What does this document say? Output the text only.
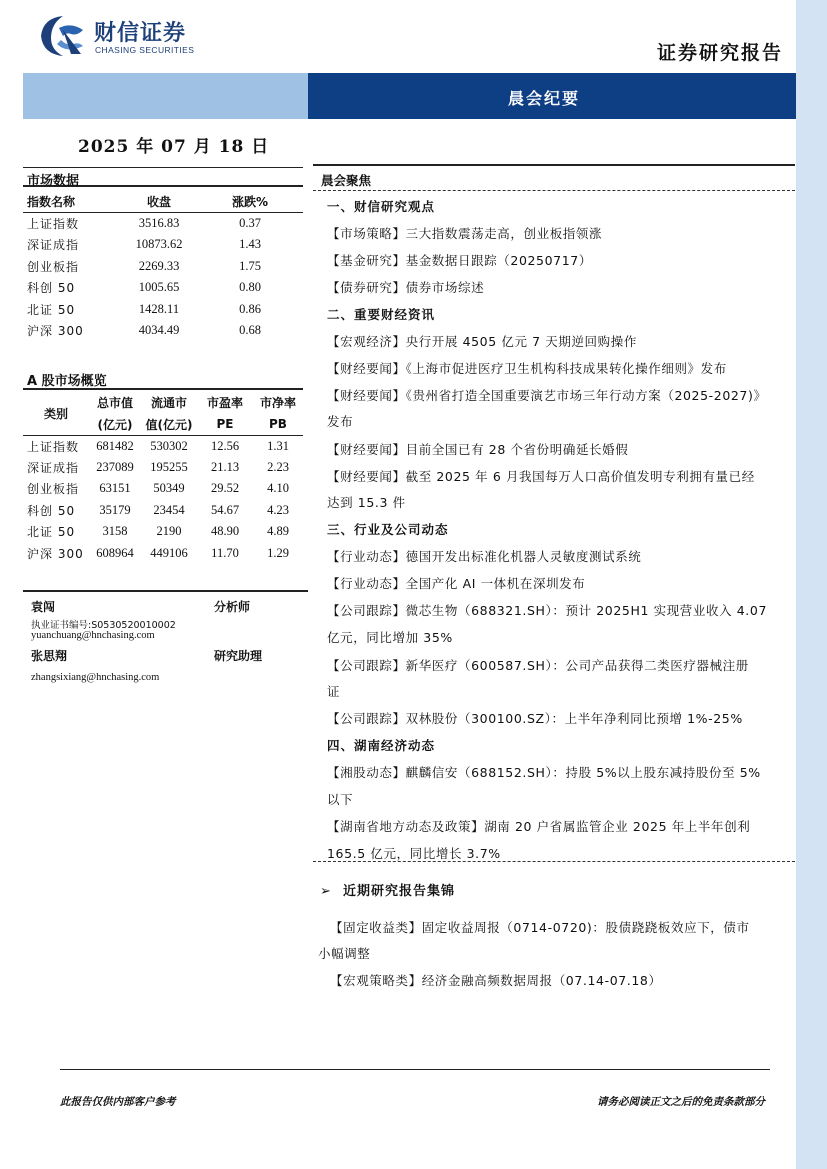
财信证券
CHASING SECURITIES	证券研究报告
晨会纪要
2025 年 07 月 18 日
市场数据
指数名称	收盘	涨跌%
上证指数	3516.83	0.37
深证成指	10873.62	1.43
创业板指	2269.33	1.75
科创 50	1005.65	0.80
北证 50	1428.11	0.86
沪深 300	4034.49	0.68
A 股市场概览
类别	总市值	流通市	市盈率	市净率
	(亿元)	值(亿元)	PE	PB
上证指数	681482	530302	12.56	1.31
深证成指	237089	195255	21.13	2.23
创业板指	63151	50349	29.52	4.10
科创 50	35179	23454	54.67	4.23
北证 50	3158	2190	48.90	4.89
沪深 300	608964	449106	11.70	1.29
袁闯	分析师
执业证书编号:S0530520010002
yuanchuang@hnchasing.com
张思翔	研究助理
zhangsixiang@hnchasing.com
晨会聚焦
一、财信研究观点
【市场策略】三大指数震荡走高，创业板指领涨
【基金研究】基金数据日跟踪（20250717）
【债券研究】债券市场综述
二、重要财经资讯
【宏观经济】央行开展 4505 亿元 7 天期逆回购操作
【财经要闻】《上海市促进医疗卫生机构科技成果转化操作细则》发布
【财经要闻】《贵州省打造全国重要演艺市场三年行动方案（2025-2027)》
发布
【财经要闻】目前全国已有 28 个省份明确延长婚假
【财经要闻】截至 2025 年 6 月我国每万人口高价值发明专利拥有量已经
达到 15.3 件
三、行业及公司动态
【行业动态】德国开发出标准化机器人灵敏度测试系统
【行业动态】全国产化 AI 一体机在深圳发布
【公司跟踪】微芯生物（688321.SH）：预计 2025H1 实现营业收入 4.07
亿元，同比增加 35%
【公司跟踪】新华医疗（600587.SH）：公司产品获得二类医疗器械注册
证
【公司跟踪】双林股份（300100.SZ）：上半年净利同比预增 1%-25%
四、湖南经济动态
【湘股动态】麒麟信安（688152.SH）：持股 5%以上股东减持股份至 5%
以下
【湖南省地方动态及政策】湖南 20 户省属监管企业 2025 年上半年创利
165.5 亿元，同比增长 3.7%
➢ 近期研究报告集锦
【固定收益类】固定收益周报（0714-0720)：股债跷跷板效应下，债市
小幅调整
【宏观策略类】经济金融高频数据周报（07.14-07.18）
此报告仅供内部客户参考	请务必阅读正文之后的免责条款部分
